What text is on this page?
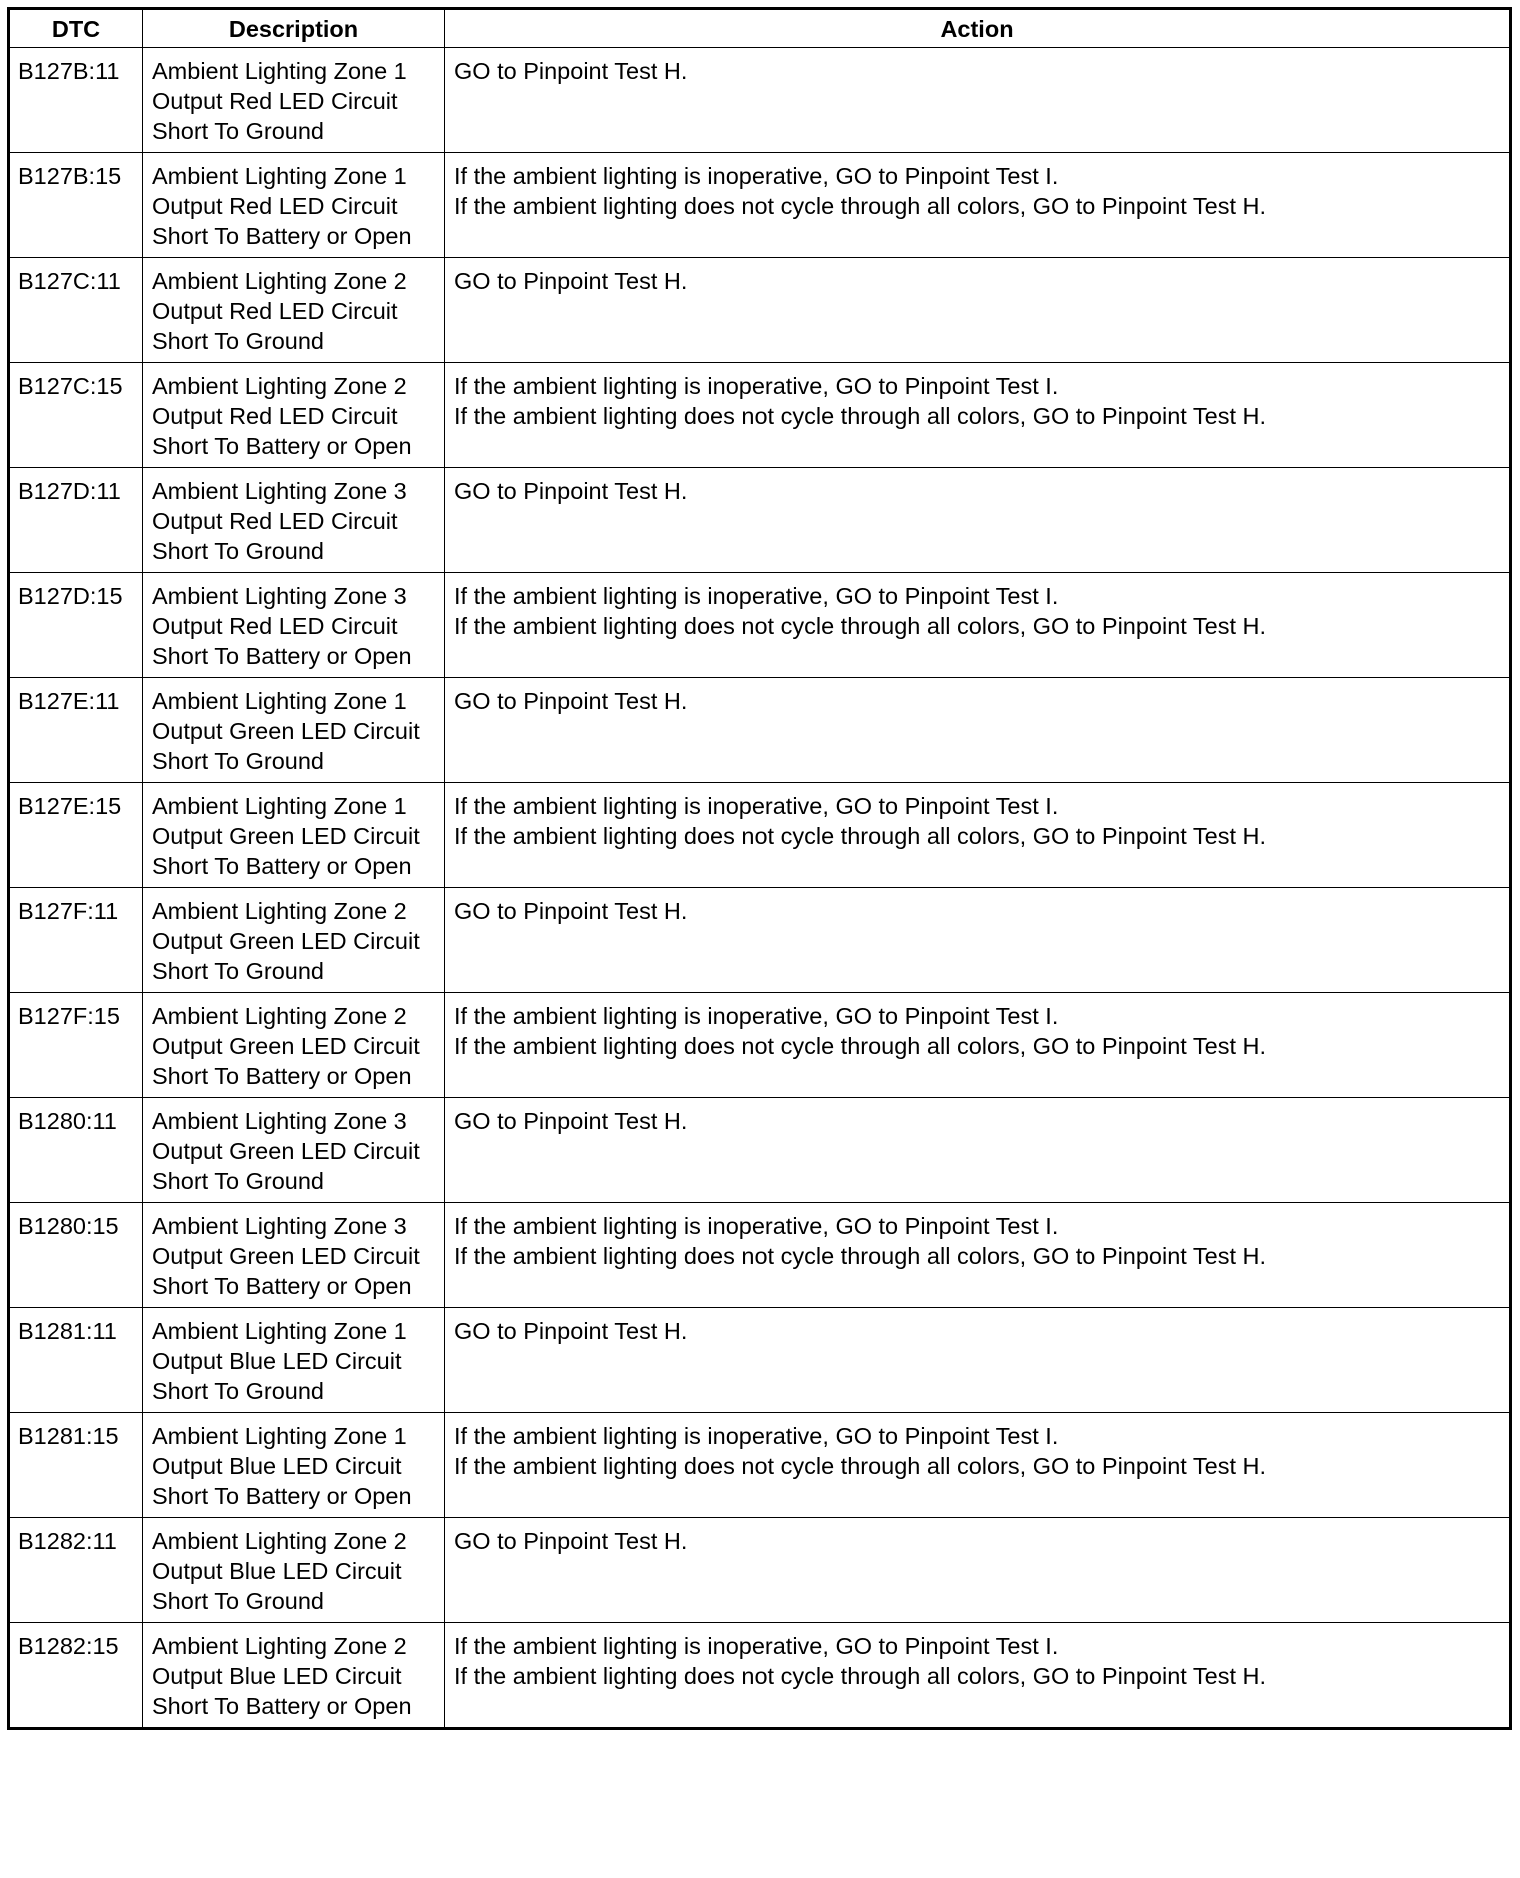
DTC	Description	Action
B127B:11	Ambient Lighting Zone 1 Output Red LED Circuit Short To Ground	GO to Pinpoint Test H.

B127B:15	Ambient Lighting Zone 1 Output Red LED Circuit Short To Battery or Open	If the ambient lighting is inoperative, GO to Pinpoint Test I.
If the ambient lighting does not cycle through all colors, GO to Pinpoint Test H.

B127C:11	Ambient Lighting Zone 2 Output Red LED Circuit Short To Ground	GO to Pinpoint Test H.

B127C:15	Ambient Lighting Zone 2 Output Red LED Circuit Short To Battery or Open	If the ambient lighting is inoperative, GO to Pinpoint Test I.
If the ambient lighting does not cycle through all colors, GO to Pinpoint Test H.

B127D:11	Ambient Lighting Zone 3 Output Red LED Circuit Short To Ground	GO to Pinpoint Test H.

B127D:15	Ambient Lighting Zone 3 Output Red LED Circuit Short To Battery or Open	If the ambient lighting is inoperative, GO to Pinpoint Test I.
If the ambient lighting does not cycle through all colors, GO to Pinpoint Test H.

B127E:11	Ambient Lighting Zone 1 Output Green LED Circuit Short To Ground	GO to Pinpoint Test H.

B127E:15	Ambient Lighting Zone 1 Output Green LED Circuit Short To Battery or Open	If the ambient lighting is inoperative, GO to Pinpoint Test I.
If the ambient lighting does not cycle through all colors, GO to Pinpoint Test H.

B127F:11	Ambient Lighting Zone 2 Output Green LED Circuit Short To Ground	GO to Pinpoint Test H.

B127F:15	Ambient Lighting Zone 2 Output Green LED Circuit Short To Battery or Open	If the ambient lighting is inoperative, GO to Pinpoint Test I.
If the ambient lighting does not cycle through all colors, GO to Pinpoint Test H.

B1280:11	Ambient Lighting Zone 3 Output Green LED Circuit Short To Ground	GO to Pinpoint Test H.

B1280:15	Ambient Lighting Zone 3 Output Green LED Circuit Short To Battery or Open	If the ambient lighting is inoperative, GO to Pinpoint Test I.
If the ambient lighting does not cycle through all colors, GO to Pinpoint Test H.

B1281:11	Ambient Lighting Zone 1 Output Blue LED Circuit Short To Ground	GO to Pinpoint Test H.

B1281:15	Ambient Lighting Zone 1 Output Blue LED Circuit Short To Battery or Open	If the ambient lighting is inoperative, GO to Pinpoint Test I.
If the ambient lighting does not cycle through all colors, GO to Pinpoint Test H.

B1282:11	Ambient Lighting Zone 2 Output Blue LED Circuit Short To Ground	GO to Pinpoint Test H.

B1282:15	Ambient Lighting Zone 2 Output Blue LED Circuit Short To Battery or Open	If the ambient lighting is inoperative, GO to Pinpoint Test I.
If the ambient lighting does not cycle through all colors, GO to Pinpoint Test H.
